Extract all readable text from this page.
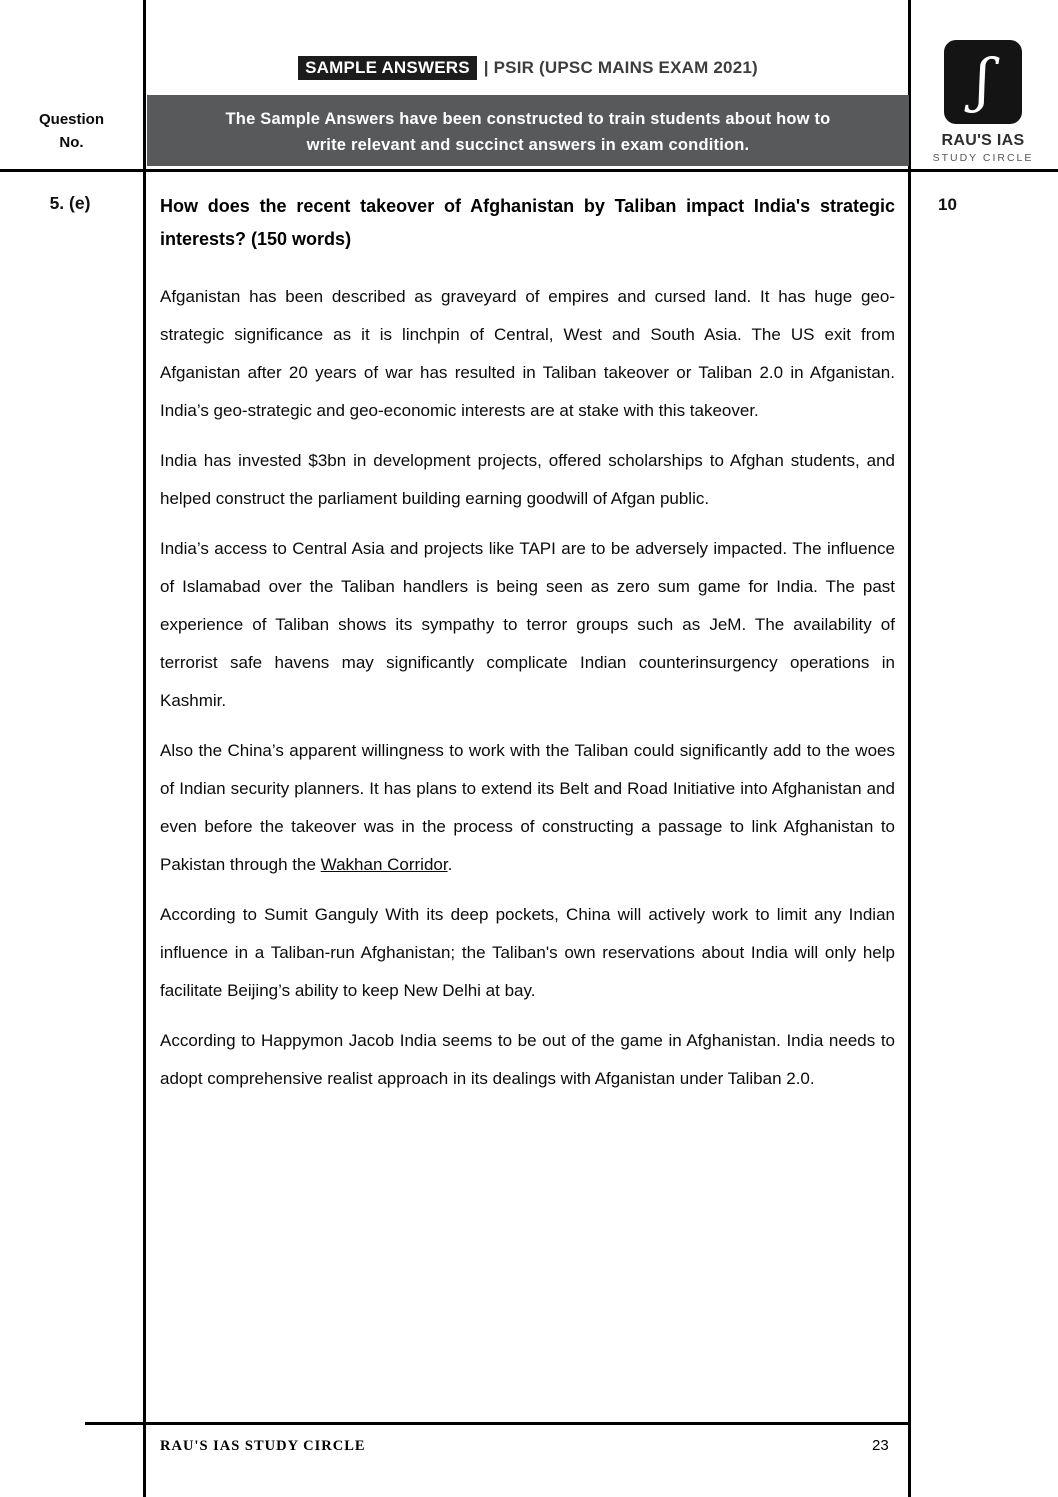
SAMPLE ANSWERS | PSIR (UPSC MAINS EXAM 2021)
The Sample Answers have been constructed to train students about how to
write relevant and succinct answers in exam condition.
Question
No.
ʃ
RAU'S IAS
STUDY CIRCLE
5. (e)	10
How does the recent takeover of Afghanistan by Taliban impact India's strategic interests? (150 words)

Afganistan has been described as graveyard of empires and cursed land. It has huge geo-strategic significance as it is linchpin of Central, West and South Asia. The US exit from Afganistan after 20 years of war has resulted in Taliban takeover or Taliban 2.0 in Afganistan. India’s geo-strategic and geo-economic interests are at stake with this takeover.

India has invested $3bn in development projects, offered scholarships to Afghan students, and helped construct the parliament building earning goodwill of Afgan public.

India’s access to Central Asia and projects like TAPI are to be adversely impacted. The influence of Islamabad over the Taliban handlers is being seen as zero sum game for India. The past experience of Taliban shows its sympathy to terror groups such as JeM. The availability of terrorist safe havens may significantly complicate Indian counterinsurgency operations in Kashmir.

Also the China’s apparent willingness to work with the Taliban could significantly add to the woes of Indian security planners. It has plans to extend its Belt and Road Initiative into Afghanistan and even before the takeover was in the process of constructing a passage to link Afghanistan to Pakistan through the Wakhan Corridor.

According to Sumit Ganguly With its deep pockets, China will actively work to limit any Indian influence in a Taliban-run Afghanistan; the Taliban's own reservations about India will only help facilitate Beijing’s ability to keep New Delhi at bay.

According to Happymon Jacob India seems to be out of the game in Afghanistan. India needs to adopt comprehensive realist approach in its dealings with Afganistan under Taliban 2.0.

RAU'S IAS STUDY CIRCLE	23
